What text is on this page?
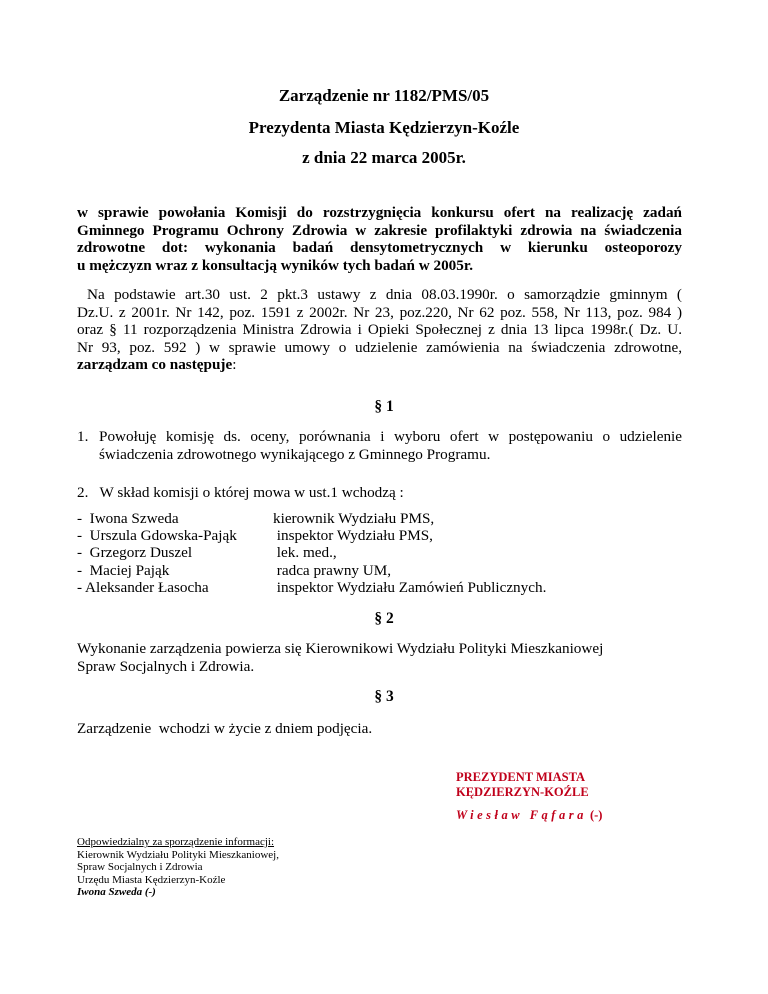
Zarządzenie nr 1182/PMS/05
Prezydenta Miasta Kędzierzyn-Koźle
z dnia 22 marca 2005r.
w sprawie powołania Komisji do rozstrzygnięcia konkursu ofert na realizację zadań
Gminnego Programu Ochrony Zdrowia w zakresie profilaktyki zdrowia na świadczenia
zdrowotne dot: wykonania badań densytometrycznych w kierunku osteoporozy
u mężczyzn wraz z konsultacją wyników tych badań w 2005r.
Na podstawie art.30 ust. 2 pkt.3 ustawy z dnia 08.03.1990r. o samorządzie gminnym (
Dz.U. z 2001r. Nr 142, poz. 1591 z 2002r. Nr 23, poz.220, Nr 62 poz. 558, Nr 113, poz. 984 )
oraz § 11 rozporządzenia Ministra Zdrowia i Opieki Społecznej z dnia 13 lipca 1998r.( Dz. U.
Nr 93, poz. 592 ) w sprawie umowy o udzielenie zamówienia na świadczenia zdrowotne,
zarządzam co następuje:
§ 1
1. Powołuję komisję ds. oceny, porównania i wyboru ofert w postępowaniu o udzielenie
świadczenia zdrowotnego wynikającego z Gminnego Programu.
2.   W skład komisji o której mowa w ust.1 wchodzą :
-  Iwona Szweda	kierownik Wydziału PMS,
-  Urszula Gdowska-Pająk inspektor Wydziału PMS,
-  Grzegorz Duszel	lek. med.,
-  Maciej Pająk	radca prawny UM,
- Aleksander Łasocha	inspektor Wydziału Zamówień Publicznych.
§ 2
Wykonanie zarządzenia powierza się Kierownikowi Wydziału Polityki Mieszkaniowej
Spraw Socjalnych i Zdrowia.
§ 3
Zarządzenie  wchodzi w życie z dniem podjęcia.
PREZYDENT MIASTA
KĘDZIERZYN-KOŹLE
Wiesław Fąfara (-)
Odpowiedzialny za sporządzenie informacji:
Kierownik Wydziału Polityki Mieszkaniowej,
Spraw Socjalnych i Zdrowia
Urzędu Miasta Kędzierzyn-Koźle
Iwona Szweda (-)
